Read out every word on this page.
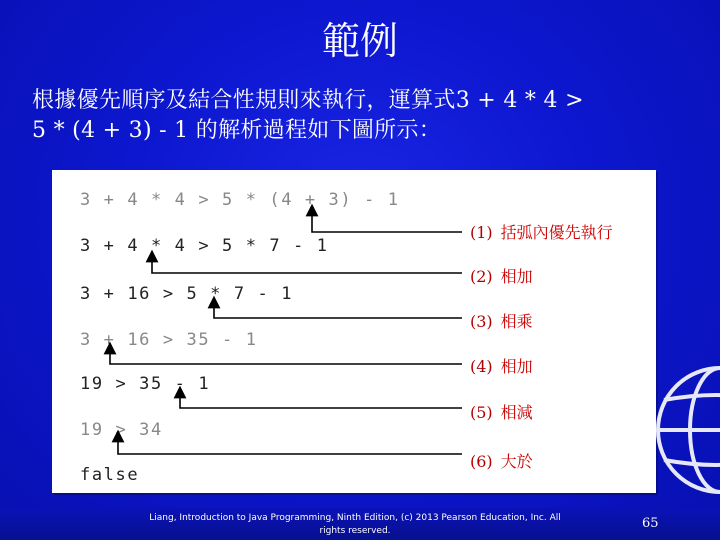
範例
根據優先順序及結合性規則來執行，運算式3 + 4 * 4 >
5 * (4 + 3) - 1 的解析過程如下圖所示：
3 + 4 * 4 > 5 * (4 + 3) - 1
3 + 4 * 4 > 5 * 7 - 1
3 + 16 > 5 * 7 - 1
3 + 16 > 35 - 1
19 > 35 - 1
19 > 34
false
(1) 括弧內優先執行
(2) 相加
(3) 相乘
(4) 相加
(5) 相減
(6) 大於
Liang, Introduction to Java Programming, Ninth Edition, (c) 2013 Pearson Education, Inc. All
rights reserved.	65
